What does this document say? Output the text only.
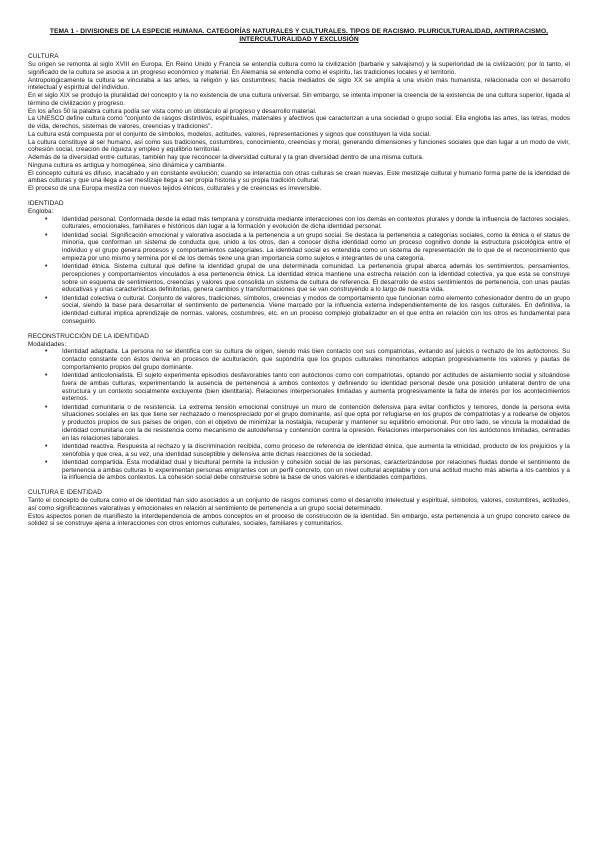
TEMA 1 - DIVISIONES DE LA ESPECIE HUMANA. CATEGORÍAS NATURALES Y CULTURALES. TIPOS DE RACISMO. PLURICULTURALIDAD, ANTIRRACISMO, INTERCULTURALIDAD Y EXCLUSIÓN
CULTURA

Su origen se remonta al siglo XVIII en Europa. En Reino Unido y Francia se entendía cultura como la civilización (barbarie y salvajismo) y la superioridad de la civilización; por lo tanto, el significado de la cultura se asocia a un progreso económico y material. En Alemania se entendía como el espíritu, las tradiciones locales y el territorio.

Antropológicamente la cultura se vinculaba a las artes, la religión y las costumbres; hacia mediados de siglo XX se amplía a una visión más humanista, relacionada con el desarrollo intelectual y espiritual del individuo.

En el siglo XIX se produjo la pluralidad del concepto y la no existencia de una cultura universal. Sin embargo, se intenta imponer la creencia de la existencia de una cultura superior, ligada al término de civilización y progreso.

En los años 50 la palabra cultura podía ser vista como un obstáculo al progreso y desarrollo material.

La UNESCO define cultura como "conjunto de rasgos distintivos, espirituales, materiales y afectivos que caracterizan a una sociedad o grupo social. Ella engloba las artes, las letras, modos de vida, derechos, sistemas de valores, creencias y tradiciones".

La cultura está compuesta por el conjunto de símbolos, modelos, actitudes, valores, representaciones y signos que constituyen la vida social.

La cultura constituye al ser humano, así como sus tradiciones, costumbres, conocimiento, creencias y moral, generando dimensiones y funciones sociales que dan lugar a un modo de vivir, cohesión social, creación de riqueza y empleo y equilibrio territorial.

Además de la diversidad entre culturas, también hay que reconocer la diversidad cultural y la gran diversidad dentro de una misma cultura.

Ninguna cultura es antigua y homogénea, sino dinámica y cambiante.

El concepto cultura es difuso, inacabado y en constante evolución; cuando se interactúa con otras culturas se crean nuevas. Este mestizaje cultural y humano forma parte de la identidad de ambas culturas y que una llega a ser mestizaje llega a ser propia historia y su propia tradición cultural.

El proceso de una Europa mestiza con nuevos tejidos étnicos, culturales y de creencias es irreversible.

IDENTIDAD
Engloba:
• Identidad personal. Conformada desde la edad más temprana y construida mediante interacciones con los demás en contextos plurales y donde la influencia de factores sociales, culturales, emocionales, familiares e históricos dan lugar a la formación y evolución de dicha identidad personal.
• Identidad social. Significación emocional y valorativa asociada a la pertenencia a un grupo social. Se destaca la pertenencia a categorías sociales, como la étnica o el status de minoría, que conforman un sistema de conducta que, unido a los otros, dan a conocer dicha identidad como un proceso cognitivo donde la estructura psicológica entre el individuo y el grupo genera procesos y comportamientos categoriales. La identidad social es entendida como un sistema de representación de lo que de el reconocimiento que empieza por uno mismo y termina por el de los demás tiene una gran importancia como sujetos e integrantes de una categoría.
• Identidad étnica. Sistema cultural que define la identidad grupal de una determinada comunidad. La pertenencia grupal abarca además los sentimientos, pensamientos, percepciones y comportamientos vinculados a esa pertenencia étnica. La identidad étnica mantiene una estrecha relación con la identidad colectiva, ya que esta se construye sobre un esquema de sentimientos, creencias y valores que consolida un sistema de cultura de referencia. El desarrollo de estos sentimientos de pertenencia, con unas pautas educativas y unas características definitorias, genera cambios y transformaciones que se van construyendo a lo largo de nuestra vida.
• Identidad colectiva o cultural. Conjunto de valores, tradiciones, símbolos, creencias y modos de comportamiento que funcionan como elemento cohesionador dentro de un grupo social, siendo la base para desarrollar el sentimiento de pertenencia. Viene marcado por la influencia externa independientemente de los rasgos culturales. En definitiva, la identidad cultural implica aprendizaje de normas, valores, costumbres, etc. en un proceso complejo globalizador en el que entra en relación con los otros es fundamental para conseguirlo.
RECONSTRUCCIÓN DE LA IDENTIDAD
Modalidades:
• Identidad adaptada. La persona no se identifica con su cultura de origen, siendo más bien contacto con sus compatriotas, evitando así juicios o rechazo de los autóctonos. Su contacto constante con éstos deriva en procesos de aculturación, que supondría que los grupos culturales minoritarios adoptan progresivamente los valores y pautas de comportamiento propios del grupo dominante.
• Identidad anticolonialista. El sujeto experimenta episodios desfavorables tanto con autóctonos como con compatriotas, optando por actitudes de aislamiento social y situándose fuera de ambas culturas, experimentando la ausencia de pertenencia a ambos contextos y definiendo su identidad personal desde una posición unilateral dentro de una estructura y un contexto socialmente excluyente (bien identitaria). Relaciones interpersonales limitadas y aumenta progresivamente la falta de interés por los acontecimientos externos.
• Identidad comunitaria o de resistencia. La extrema tensión emocional construye un muro de contención defensiva para evitar conflictos y temores, donde la persona evita situaciones sociales en las que tiene ser rechazado o menospreciado por el grupo dominante, así que opta por refugiarse en los grupos de compatriotas y a rodearse de objetos y productos propios de sus países de origen, con el objetivo de minimizar la nostalgia, recuperar y mantener su equilibrio emocional. Por otro lado, se vincula la modalidad de identidad comunitaria con la de resistencia como mecanismo de autodefensa y contención contra la opresión. Relaciones interpersonales con los autóctonos limitadas, centradas en las relaciones laborales.
• Identidad reactiva. Respuesta al rechazo y la discriminación recibida, como proceso de referencia de identidad étnica, que aumenta la etnicidad, producto de los prejuicios y la xenofobia y que crea, a su vez, una identidad susceptible y defensiva ante dichas reacciones de la sociedad.
• Identidad compartida. Esta modalidad dual y bicultural permite la inclusión y cohesión social de las personas, caracterizándose por relaciones fluidas donde el sentimiento de pertenencia a ambas culturas lo experimentan personas emigrantes con un perfil concreto, con un nivel cultural aceptable y con una actitud mucho más abierta a los cambios y a la influencia de ambos contextos. La cohesión social debe construirse sobre la base de unos valores e identidades compartidos.
CULTURA E IDENTIDAD

Tanto el concepto de cultura como el de identidad han sido asociados a un conjunto de rasgos comunes como el desarrollo intelectual y espiritual, símbolos, valores, costumbres, actitudes, así como significaciones valorativas y emocionales en relación al sentimiento de pertenencia a un grupo social determinado.

Estos aspectos ponen de manifiesto la interdependencia de ambos conceptos en el proceso de construcción de la identidad. Sin embargo, esta pertenencia a un grupo concreto carece de solidez si se construye ajena a interacciones con otros entornos culturales, sociales, familiares y comunitarios.
